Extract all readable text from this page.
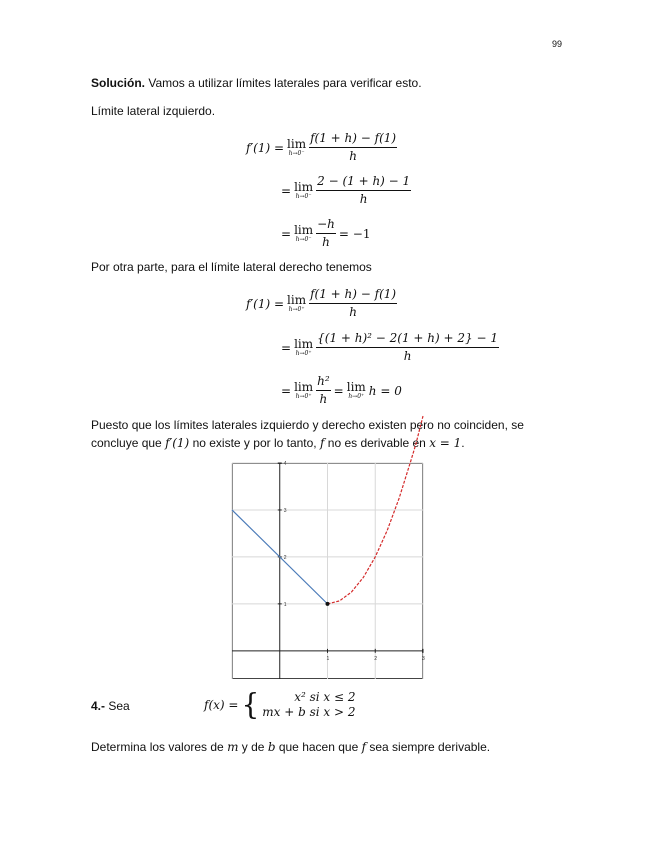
99
Solución. Vamos a utilizar límites laterales para verificar esto.
Límite lateral izquierdo.
f′(1) = lim
$h\to 0^- \frac{f(1 + h) - f(1)}{h}$
= lim
$h\to 0^- \frac{2 - (1 + h) - 1}{h}$
= lim
$h\to 0^- \frac{-h}{h} = -1$
Por otra parte, para el límite lateral derecho tenemos
f′(1) = lim
$h\to 0^+ \frac{f(1 + h) - f(1)}{h}$
= lim
$h\to 0^+ \frac{\text{\{(1 + h)² − 2(1 + h) + 2\} − 1}}{h}$
= lim
$h\to 0^+ \frac{\text{h²}}{h} = \lim$
h→0⁺ h = 0
Puesto que los límites laterales izquierdo y derecho existen pero no coinciden, se
concluye que f′(1) no existe y por lo tanto, f no es derivable en x = 1.
1	2	3
1
2
3
4
4.- Sea	f(x) = {	x² si x ≤ 2
mx + b si x > 2
Determina los valores de m y de b que hacen que f sea siempre derivable.
